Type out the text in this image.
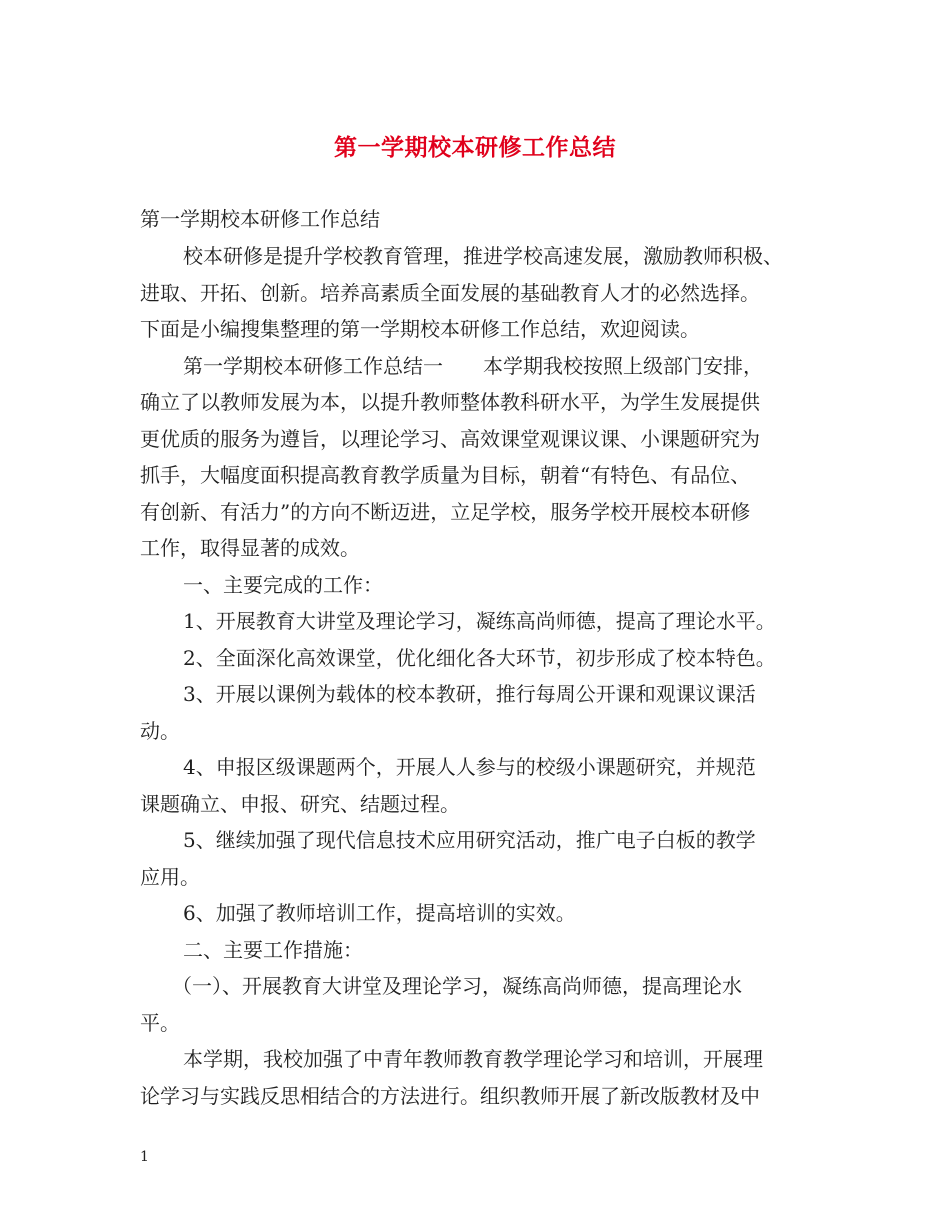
第一学期校本研修工作总结
第一学期校本研修工作总结
校本研修是提升学校教育管理，推进学校高速发展，激励教师积极、
进取、开拓、创新。培养高素质全面发展的基础教育人才的必然选择。
下面是小编搜集整理的第一学期校本研修工作总结，欢迎阅读。
第一学期校本研修工作总结一　　本学期我校按照上级部门安排，
确立了以教师发展为本，以提升教师整体教科研水平，为学生发展提供
更优质的服务为遵旨，以理论学习、高效课堂观课议课、小课题研究为
抓手，大幅度面积提高教育教学质量为目标，朝着“有特色、有品位、
有创新、有活力”的方向不断迈进，立足学校，服务学校开展校本研修
工作，取得显著的成效。
一、主要完成的工作：
1、开展教育大讲堂及理论学习，凝练高尚师德，提高了理论水平。
2、全面深化高效课堂，优化细化各大环节，初步形成了校本特色。
3、开展以课例为载体的校本教研，推行每周公开课和观课议课活
动。
4、申报区级课题两个，开展人人参与的校级小课题研究，并规范
课题确立、申报、研究、结题过程。
5、继续加强了现代信息技术应用研究活动，推广电子白板的教学
应用。
6、加强了教师培训工作，提高培训的实效。
二、主要工作措施：
（一）、开展教育大讲堂及理论学习，凝练高尚师德，提高理论水
平。
本学期，我校加强了中青年教师教育教学理论学习和培训，开展理
论学习与实践反思相结合的方法进行。组织教师开展了新改版教材及中
1
